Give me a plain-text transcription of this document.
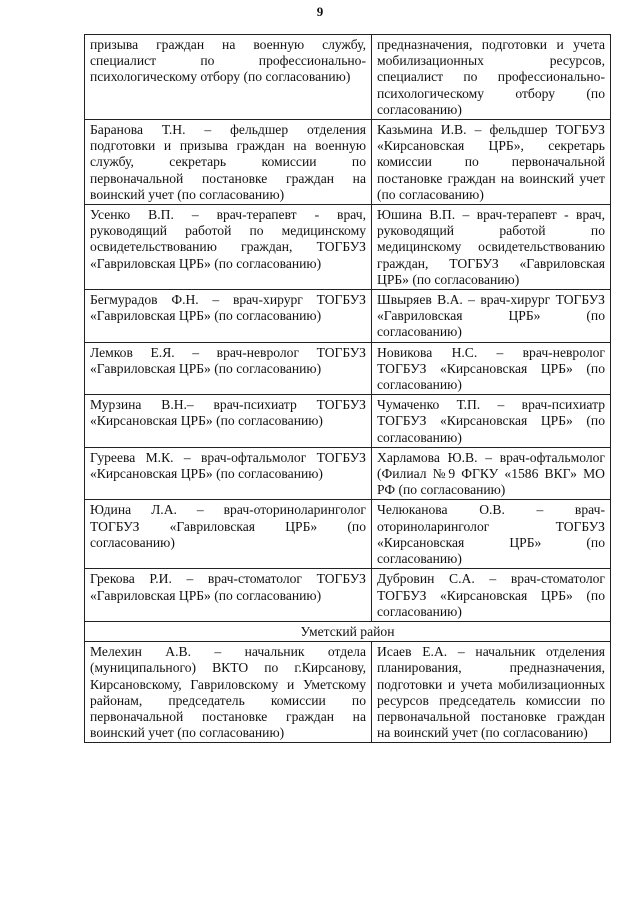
9
призыва граждан на военную службу, специалист по профессионально-психологическому отбору (по согласованию)	предназначения, подготовки и учета мобилизационных ресурсов, специалист по профессионально-психологическому отбору (по согласованию)
Баранова Т.Н. – фельдшер отделения подготовки и призыва граждан на военную службу, секретарь комиссии по первоначальной постановке граждан на воинский учет (по согласованию)	Казьмина И.В. – фельдшер ТОГБУЗ «Кирсановская ЦРБ», секретарь комиссии по первоначальной постановке граждан на воинский учет (по согласованию)
Усенко В.П. – врач-терапевт - врач, руководящий работой по медицинскому освидетельствованию граждан, ТОГБУЗ «Гавриловская ЦРБ» (по согласованию)	Юшина В.П. – врач-терапевт - врач, руководящий работой по медицинскому освидетельствованию граждан, ТОГБУЗ «Гавриловская ЦРБ» (по согласованию)
Бегмурадов Ф.Н. – врач-хирург ТОГБУЗ «Гавриловская ЦРБ» (по согласованию)	Швыряев В.А. – врач-хирург ТОГБУЗ «Гавриловская ЦРБ» (по согласованию)
Лемков Е.Я. – врач-невролог ТОГБУЗ «Гавриловская ЦРБ» (по согласованию)	Новикова Н.С. – врач-невролог ТОГБУЗ «Кирсановская ЦРБ» (по согласованию)
Мурзина В.Н.– врач-психиатр ТОГБУЗ «Кирсановская ЦРБ» (по согласованию)	Чумаченко Т.П. – врач-психиатр ТОГБУЗ «Кирсановская ЦРБ» (по согласованию)
Гуреева М.К. – врач-офтальмолог ТОГБУЗ «Кирсановская ЦРБ» (по согласованию)	Харламова Ю.В. – врач-офтальмолог (Филиал №9 ФГКУ «1586 ВКГ» МО РФ (по согласованию)
Юдина Л.А. – врач-оториноларинголог ТОГБУЗ «Гавриловская ЦРБ» (по согласованию)	Челюканова О.В. – врач-оториноларинголог ТОГБУЗ «Кирсановская ЦРБ» (по согласованию)
Грекова Р.И. – врач-стоматолог ТОГБУЗ «Гавриловская ЦРБ» (по согласованию)	Дубровин С.А. – врач-стоматолог ТОГБУЗ «Кирсановская ЦРБ» (по согласованию)
Уметский район	
Мелехин А.В. – начальник отдела (муниципального) ВКТО по г.Кирсанову, Кирсановскому, Гавриловскому и Уметскому районам, председатель комиссии по первоначальной постановке граждан на воинский учет (по согласованию)	Исаев Е.А. – начальник отделения планирования, предназначения, подготовки и учета мобилизационных ресурсов председатель комиссии по первоначальной постановке граждан на воинский учет (по согласованию)
